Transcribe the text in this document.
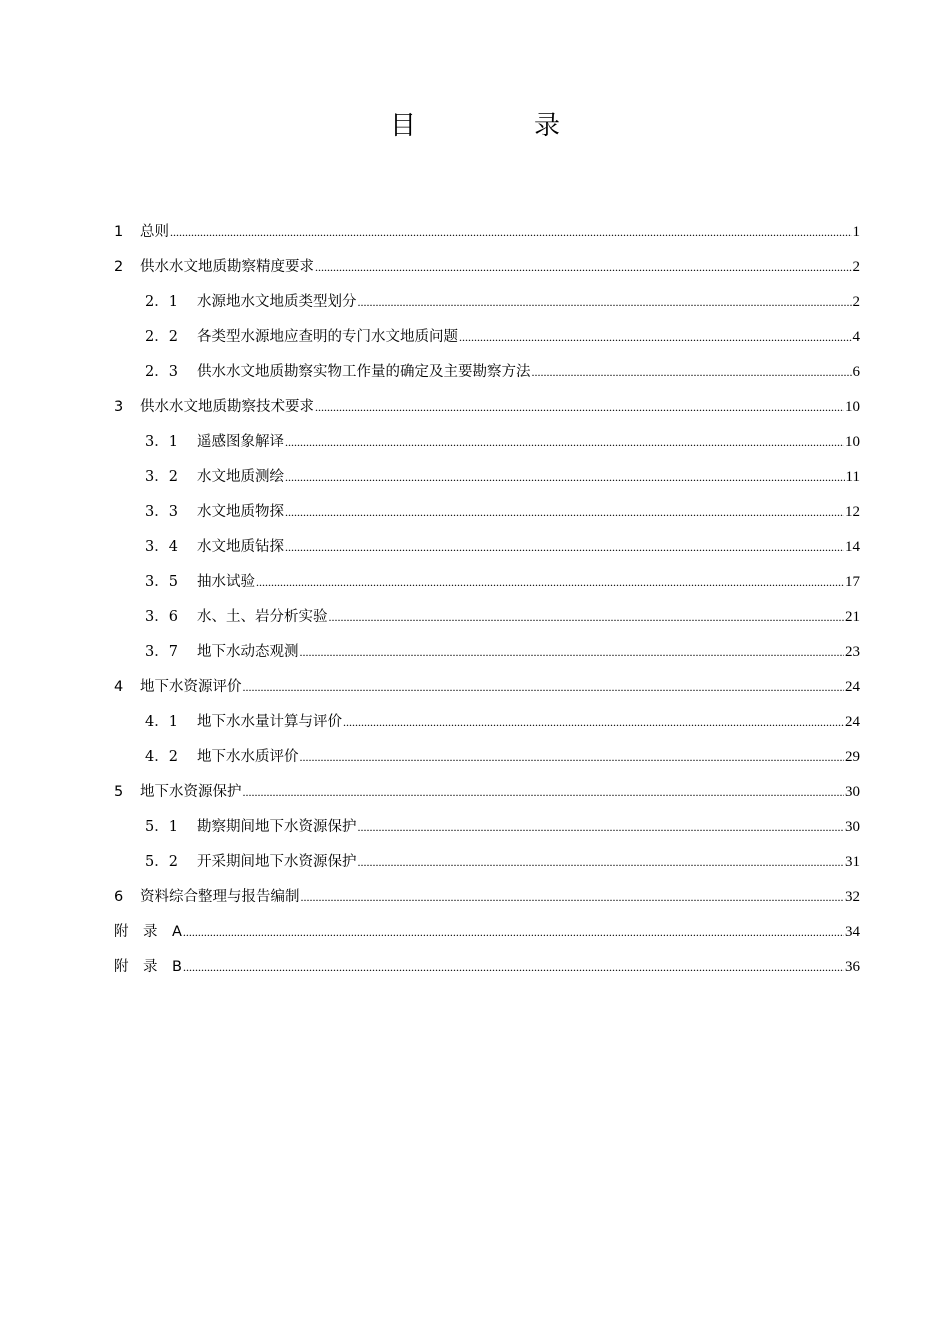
目　录
1	总则 .....	1
2	供水水文地质勘察精度要求 .....	2
2．1	水源地水文地质类型划分 .....	2
2．2	各类型水源地应查明的专门水文地质问题 .....	4
2．3	供水水文地质勘察实物工作量的确定及主要勘察方法 .....	6
3	供水水文地质勘察技术要求 .....	10
3．1	遥感图象解译 .....	10
3．2	水文地质测绘 .....	11
3．3	水文地质物探 .....	12
3．4	水文地质钻探 .....	14
3．5	抽水试验 .....	17
3．6	水、土、岩分析实验 .....	21
3．7	地下水动态观测 .....	23
4	地下水资源评价 .....	24
4．1	地下水水量计算与评价 .....	24
4．2	地下水水质评价 .....	29
5	地下水资源保护 .....	30
5．1	勘察期间地下水资源保护 .....	30
5．2	开采期间地下水资源保护 .....	31
6	资料综合整理与报告编制 .....	32
附　录　A .....	34
附　录　B .....	36
